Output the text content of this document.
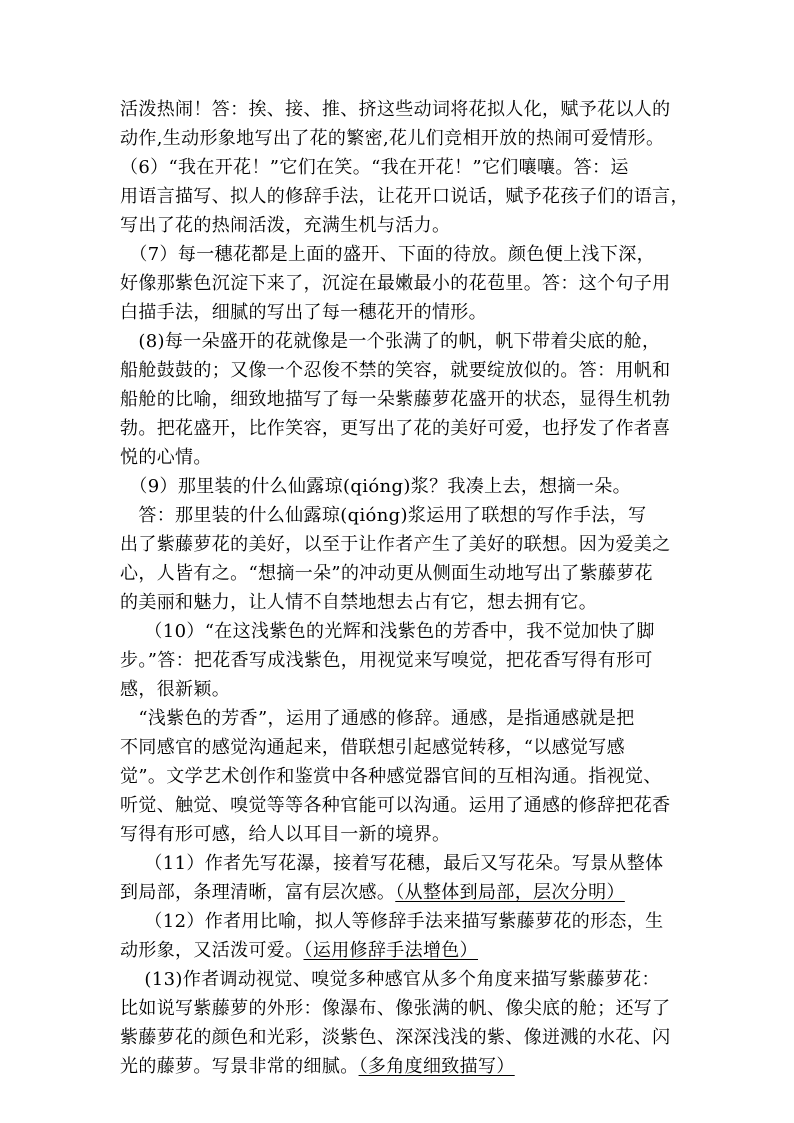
活泼热闹！答：挨、接、推、挤这些动词将花拟人化，赋予花以人的
动作,生动形象地写出了花的繁密,花儿们竞相开放的热闹可爱情形。
（6）“我在开花！”它们在笑。“我在开花！”它们嚷嚷。答：运
用语言描写、拟人的修辞手法，让花开口说话，赋予花孩子们的语言，
写出了花的热闹活泼，充满生机与活力。
　（7）每一穗花都是上面的盛开、下面的待放。颜色便上浅下深，
好像那紫色沉淀下来了，沉淀在最嫩最小的花苞里。答：这个句子用
白描手法，细腻的写出了每一穗花开的情形。
　(8)每一朵盛开的花就像是一个张满了的帆，帆下带着尖底的舱，
船舱鼓鼓的；又像一个忍俊不禁的笑容，就要绽放似的。答：用帆和
船舱的比喻，细致地描写了每一朵紫藤萝花盛开的状态，显得生机勃
勃。把花盛开，比作笑容，更写出了花的美好可爱，也抒发了作者喜
悦的心情。
　（9）那里装的什么仙露琼(qióng)浆？我凑上去，想摘一朵。
　答：那里装的什么仙露琼(qióng)浆运用了联想的写作手法，写
出了紫藤萝花的美好，以至于让作者产生了美好的联想。因为爱美之
心，人皆有之。“想摘一朵”的冲动更从侧面生动地写出了紫藤萝花
的美丽和魅力，让人情不自禁地想去占有它，想去拥有它。
　 （10）“在这浅紫色的光辉和浅紫色的芳香中，我不觉加快了脚
步。”答：把花香写成浅紫色，用视觉来写嗅觉，把花香写得有形可
感，很新颖。
　“浅紫色的芳香”，运用了通感的修辞。通感，是指通感就是把
不同感官的感觉沟通起来，借联想引起感觉转移，“以感觉写感
觉”。文学艺术创作和鉴赏中各种感觉器官间的互相沟通。指视觉、
听觉、触觉、嗅觉等等各种官能可以沟通。运用了通感的修辞把花香
写得有形可感，给人以耳目一新的境界。
　 （11）作者先写花瀑，接着写花穗，最后又写花朵。写景从整体
到局部，条理清晰，富有层次感。（从整体到局部，层次分明）
　 （12）作者用比喻，拟人等修辞手法来描写紫藤萝花的形态，生
动形象，又活泼可爱。（运用修辞手法增色）
　 (13)作者调动视觉、嗅觉多种感官从多个角度来描写紫藤萝花：
比如说写紫藤萝的外形：像瀑布、像张满的帆、像尖底的舱；还写了
紫藤萝花的颜色和光彩，淡紫色、深深浅浅的紫、像迸溅的水花、闪
光的藤萝。写景非常的细腻。（多角度细致描写）
